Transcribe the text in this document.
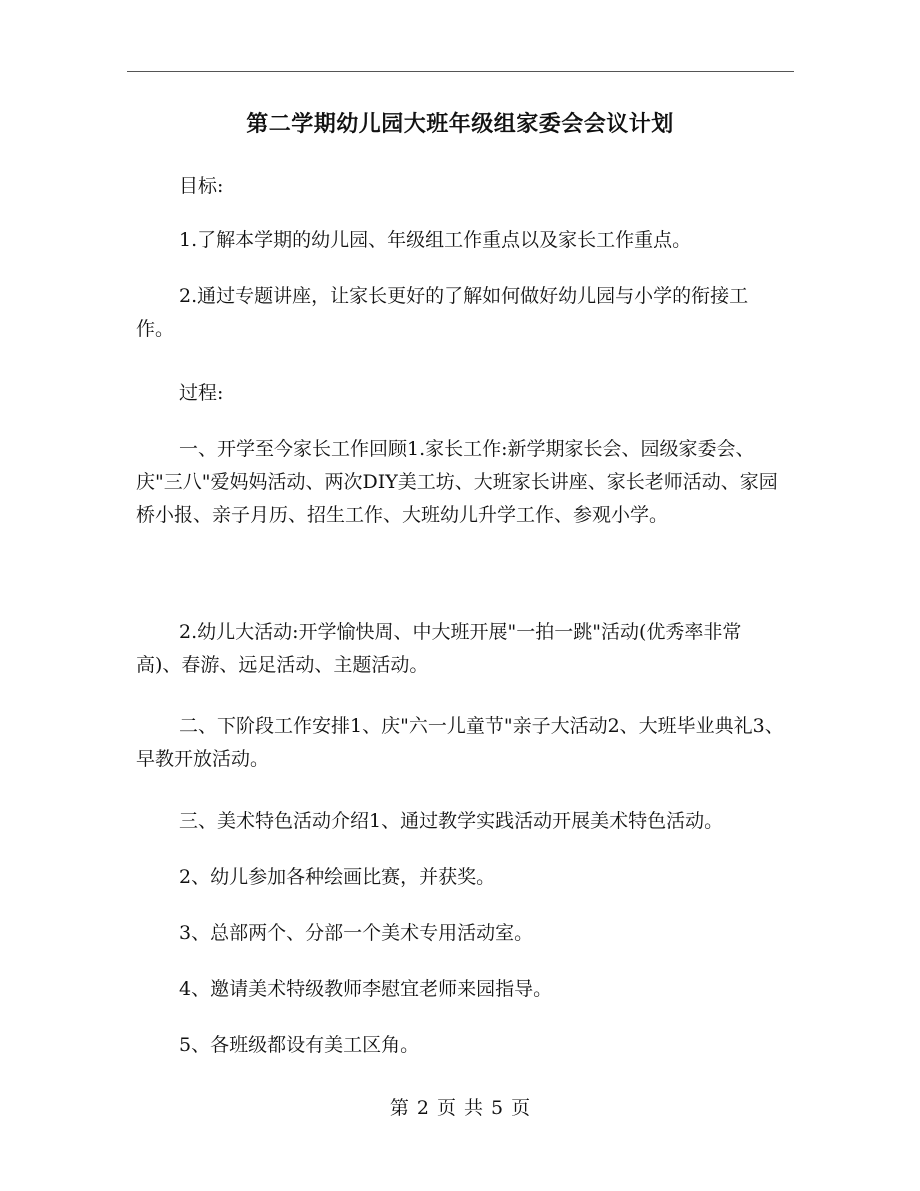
第二学期幼儿园大班年级组家委会会议计划

目标:

1.了解本学期的幼儿园、年级组工作重点以及家长工作重点。

2.通过专题讲座，让家长更好的了解如何做好幼儿园与小学的衔接工作。

过程:

一、开学至今家长工作回顾1.家长工作:新学期家长会、园级家委会、庆"三八"爱妈妈活动、两次DIY美工坊、大班家长讲座、家长老师活动、家园桥小报、亲子月历、招生工作、大班幼儿升学工作、参观小学。

2.幼儿大活动:开学愉快周、中大班开展"一拍一跳"活动(优秀率非常高)、春游、远足活动、主题活动。

二、下阶段工作安排1、庆"六一儿童节"亲子大活动2、大班毕业典礼3、早教开放活动。

三、美术特色活动介绍1、通过教学实践活动开展美术特色活动。

2、幼儿参加各种绘画比赛，并获奖。

3、总部两个、分部一个美术专用活动室。

4、邀请美术特级教师李慰宜老师来园指导。

5、各班级都设有美工区角。

第 2 页 共 5 页
